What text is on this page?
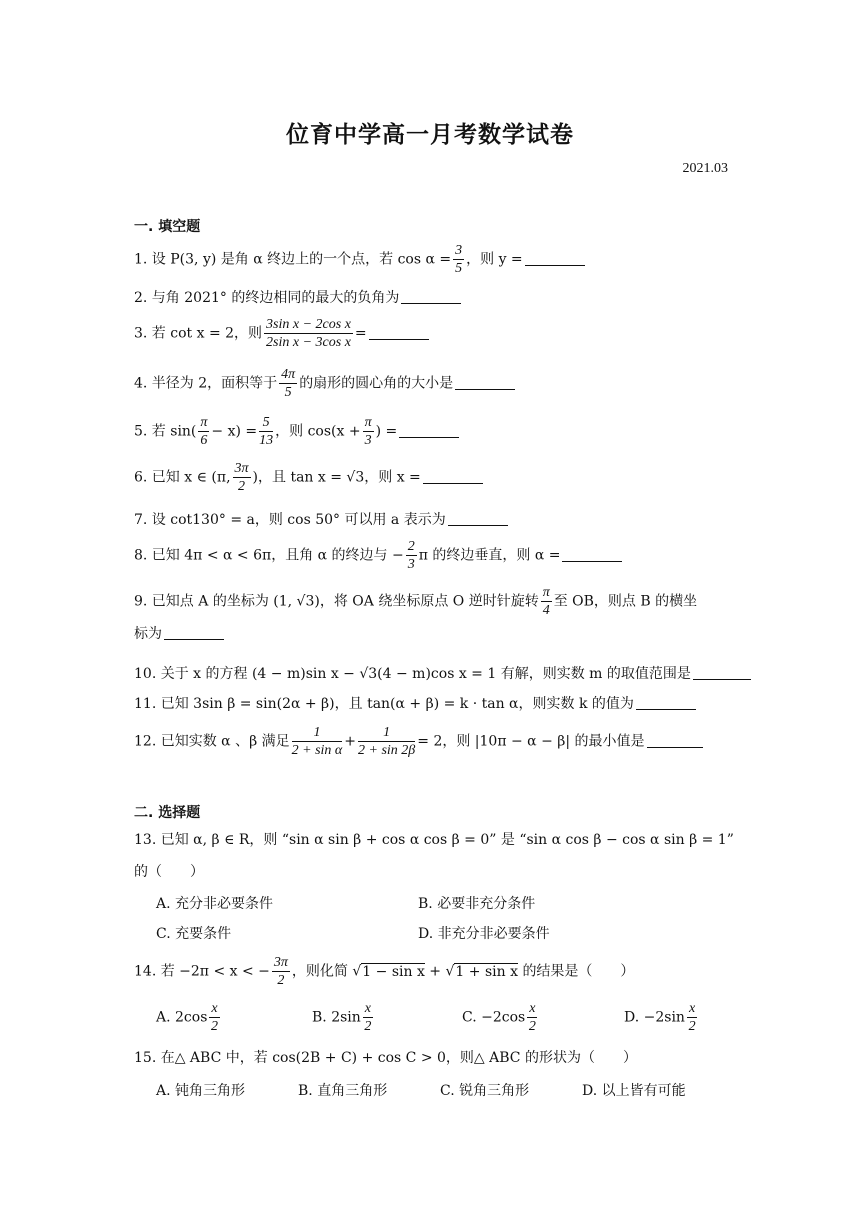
位育中学高一月考数学试卷
2021.03
一. 填空题
1. 设 P(3, y) 是角 α 终边上的一个点，若 $\cos \alpha = \frac{3}{5}$ ，则 y =
2. 与角 2021° 的终边相同的最大的负角为
3. 若 cot x = 2，则 $\frac{\text{3sin x − 2cos x}}{\text{2sin x − 3cos x}}$ =
4. 半径为 2，面积等于 $\frac{4\pi}{5}$ 的扇形的圆心角的大小是
5. 若 $\sin( \frac{\pi}{6} - x) = \frac{5}{13}$ ，则 $\cos(x + \frac{\pi}{3}$ ) =
6. 已知 x ∈ (π, $\frac{3\pi}{2}$ )，且 tan x = √3，则 x =
7. 设 cot130° = a，则 cos 50° 可以用 a 表示为
8. 已知 4π < α < 6π，且角 α 的终边与 − $\frac{2}{3}$ π 的终边垂直，则 α =
9. 已知点 A 的坐标为 (1, √3)，将 OA 绕坐标原点 O 逆时针旋转 $\frac{\pi}{4}$ 至 OB，则点 B 的横坐
标为
10. 关于 x 的方程 (4 − m)sin x − √3(4 − m)cos x = 1 有解，则实数 m 的取值范围是
11. 已知 3sin β = sin(2α + β)，且 tan(α + β) = k · tan α，则实数 k 的值为
12. 已知实数 α 、β 满足 $\frac{1}{\text{2 + sin α}} + \frac{1}{2 + \sin 2\beta} = 2$，则 |10π − α − β| 的最小值是
二. 选择题
13. 已知 α, β ∈ R，则 “sin α sin β + cos α cos β = 0” 是 “sin α cos β − cos α sin β = 1”
的（　　）
A. 充分非必要条件	B. 必要非充分条件
C. 充要条件	D. 非充分非必要条件
14. 若 −2π < x < − $\frac{3\pi}{2}$ ，则化简 √1 − sin x + √1 + sin x 的结果是（　　）
A. $2\cos \frac{x}{2}$	B. $2\sin \frac{x}{2}$	C. $-2\cos \frac{x}{2}$	D. $-2\sin \frac{x}{2}$
15. 在△ ABC 中，若 cos(2B + C) + cos C > 0，则△ ABC 的形状为（　　）
A. 钝角三角形	B. 直角三角形	C. 锐角三角形	D. 以上皆有可能
